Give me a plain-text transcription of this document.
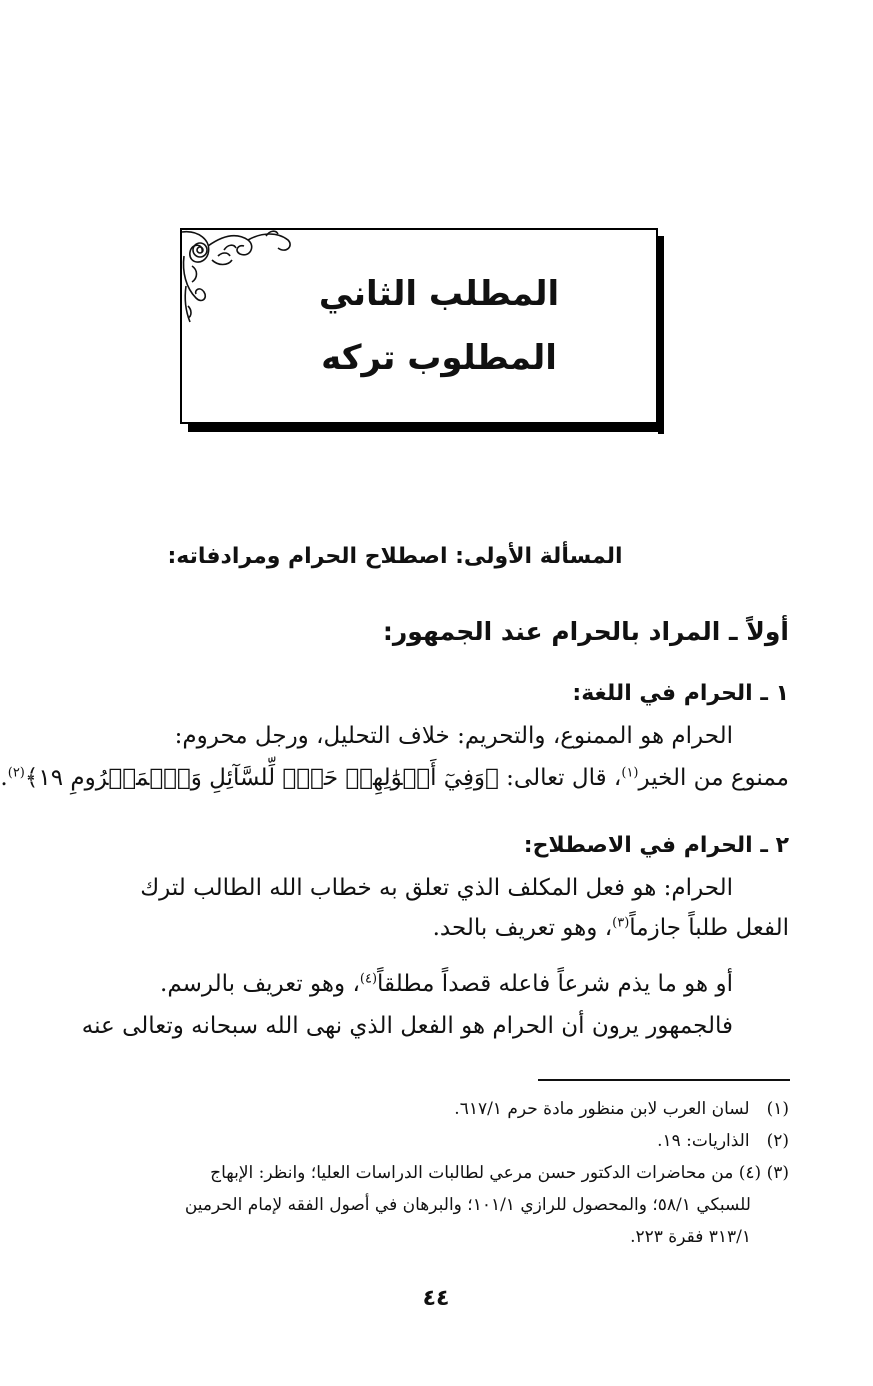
المطلب الثاني
المطلوب تركه
المسألة الأولى: اصطلاح الحرام ومرادفاته:
أولاً ـ المراد بالحرام عند الجمهور:
١ ـ الحرام في اللغة:
الحرام هو الممنوع، والتحريم: خلاف التحليل، ورجل محروم:
ممنوع من الخير$^{(١)}$، قال تعالى: ﴿وَفِيٓ أَمۡوَٰلِهِمۡ حَقّٞ لِّلسَّآئِلِ وَٱلۡمَحۡرُومِ ١٩﴾$^{(٢)}$.
٢ ـ الحرام في الاصطلاح:
الحرام: هو فعل المكلف الذي تعلق به خطاب الله الطالب لترك
الفعل طلباً جازماً$^{(٣)}$، وهو تعريف بالحد.
أو هو ما يذم شرعاً فاعله قصداً مطلقاً$^{(٤)}$، وهو تعريف بالرسم.
فالجمهور يرون أن الحرام هو الفعل الذي نهى الله سبحانه وتعالى عنه
(١) لسان العرب لابن منظور مادة حرم ٦١٧/١.
(٢) الذاريات: ١٩.
(٣) (٤) من محاضرات الدكتور حسن مرعي لطالبات الدراسات العليا؛ وانظر: الإبهاج
للسبكي ٥٨/١؛ والمحصول للرازي ١٠١/١؛ والبرهان في أصول الفقه لإمام الحرمين
٣١٣/١ فقرة ٢٢٣.
٤٤
